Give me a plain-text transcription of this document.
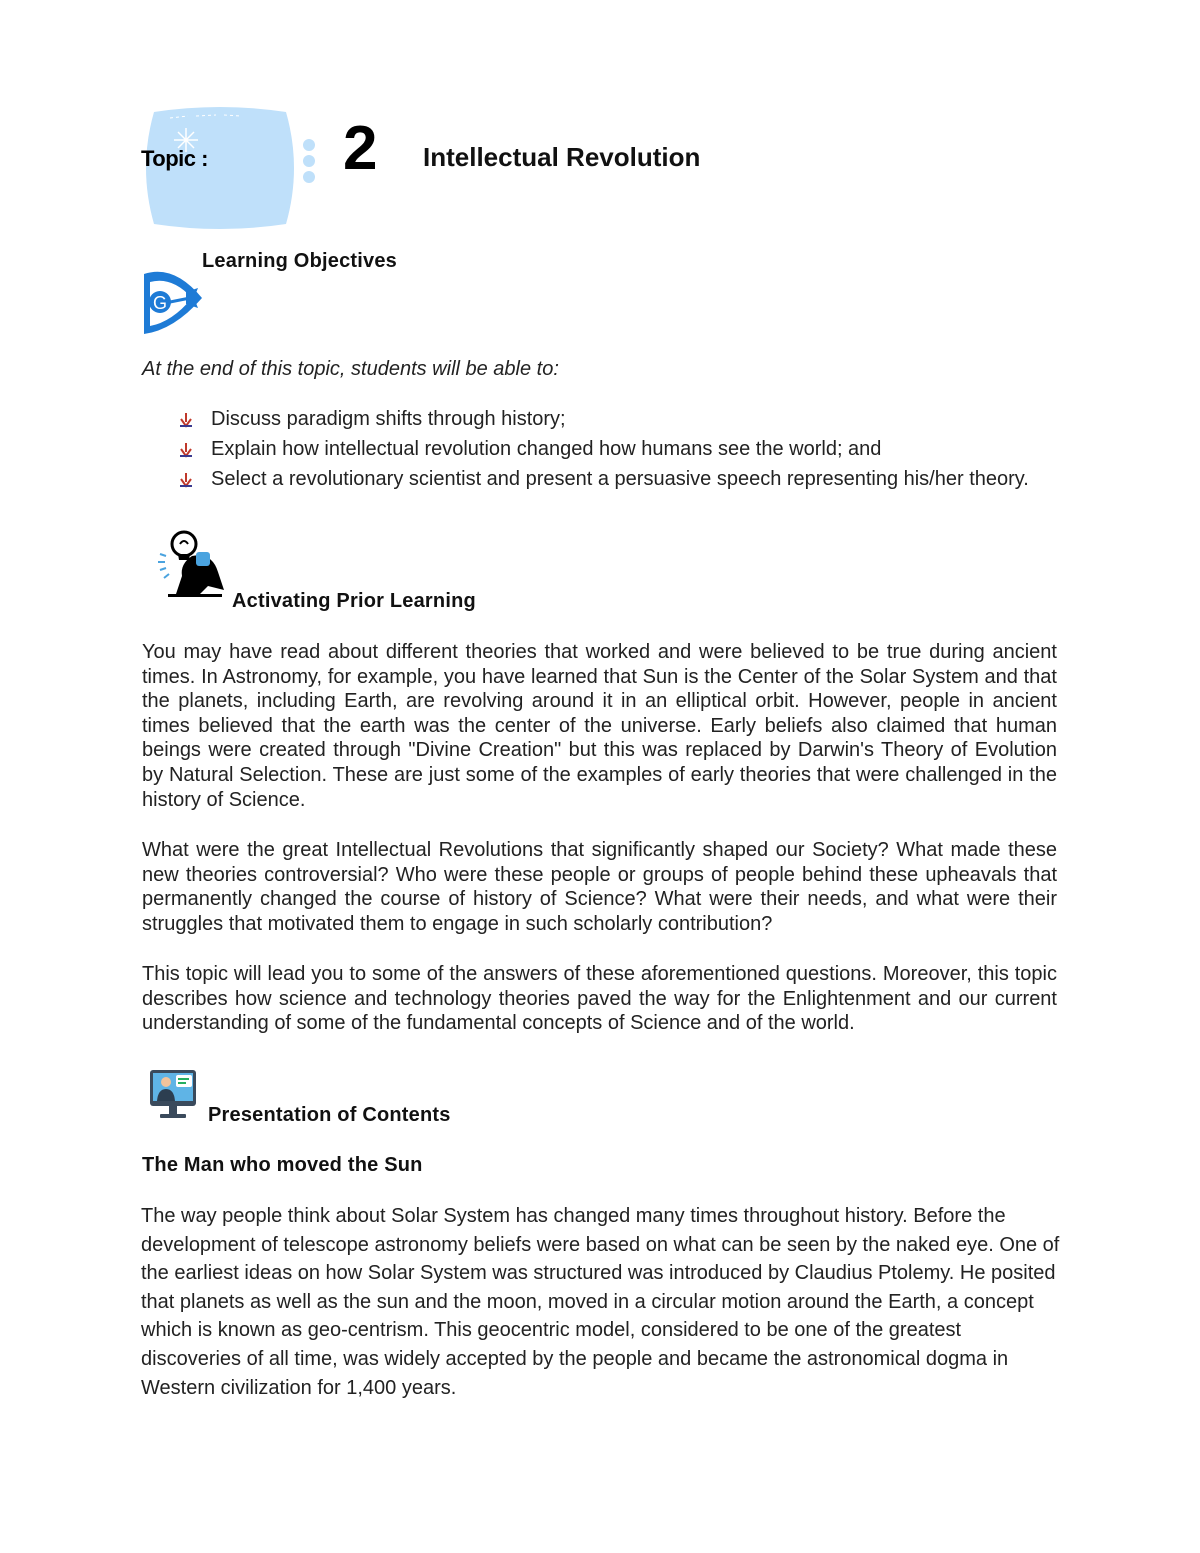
Topic : 2 Intellectual Revolution
Learning Objectives
G
At the end of this topic, students will be able to:
Discuss paradigm shifts through history;
Explain how intellectual revolution changed how humans see the world; and
Select a revolutionary scientist and present a persuasive speech representing his/her theory.
Activating Prior Learning

You may have read about different theories that worked and were believed to be true during ancient times. In Astronomy, for example, you have learned that Sun is the Center of the Solar System and that the planets, including Earth, are revolving around it in an elliptical orbit. However, people in ancient times believed that the earth was the center of the universe. Early beliefs also claimed that human beings were created through "Divine Creation" but this was replaced by Darwin's Theory of Evolution by Natural Selection. These are just some of the examples of early theories that were challenged in the history of Science.

What were the great Intellectual Revolutions that significantly shaped our Society? What made these new theories controversial? Who were these people or groups of people behind these upheavals that permanently changed the course of history of Science? What were their needs, and what were their struggles that motivated them to engage in such scholarly contribution?

This topic will lead you to some of the answers of these aforementioned questions. Moreover, this topic describes how science and technology theories paved the way for the Enlightenment and our current understanding of some of the fundamental concepts of Science and of the world.

Presentation of Contents
The Man who moved the Sun

The way people think about Solar System has changed many times throughout history. Before the development of telescope astronomy beliefs were based on what can be seen by the naked eye. One of the earliest ideas on how Solar System was structured was introduced by Claudius Ptolemy. He posited that planets as well as the sun and the moon, moved in a circular motion around the Earth, a concept which is known as geo-centrism. This geocentric model, considered to be one of the greatest discoveries of all time, was widely accepted by the people and became the astronomical dogma in Western civilization for 1,400 years.
